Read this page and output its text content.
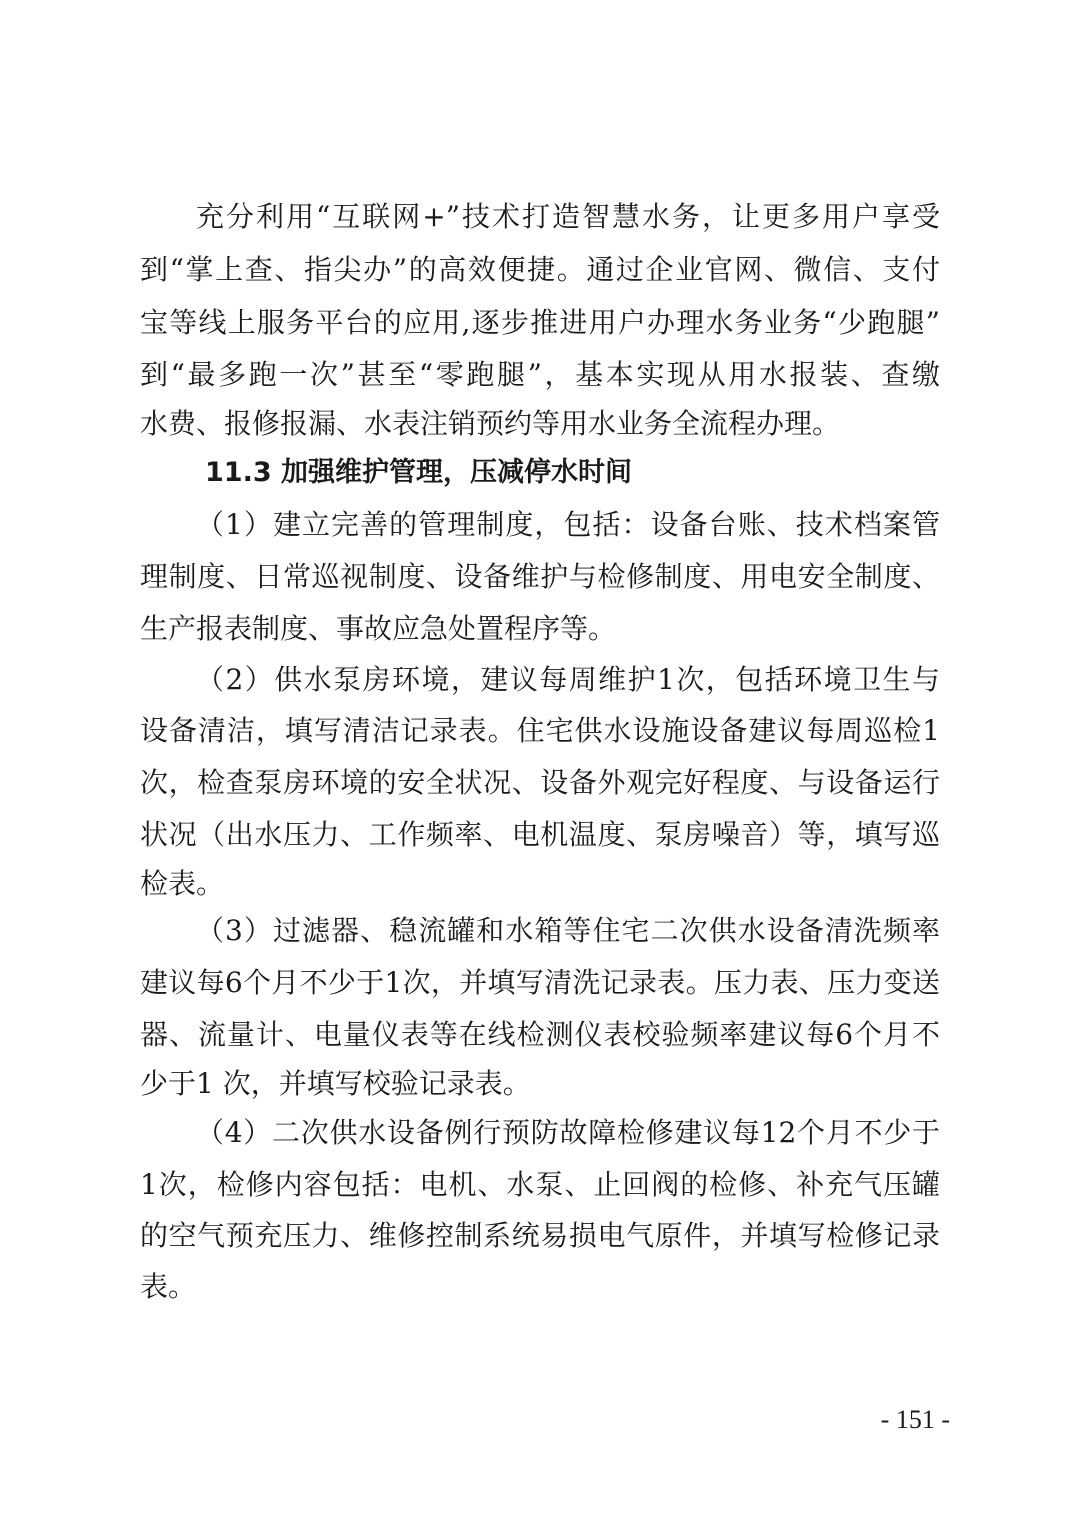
充分利用“互联网+”技术打造智慧水务，让更多用户享受
到“掌上查、指尖办”的高效便捷。通过企业官网、微信、支付
宝等线上服务平台的应用,逐步推进用户办理水务业务“少跑腿”
到“最多跑一次”甚至“零跑腿”，基本实现从用水报装、查缴
水费、报修报漏、水表注销预约等用水业务全流程办理。
11.3 加强维护管理，压减停水时间
（1）建立完善的管理制度，包括：设备台账、技术档案管
理制度、日常巡视制度、设备维护与检修制度、用电安全制度、
生产报表制度、事故应急处置程序等。
（2）供水泵房环境，建议每周维护1次，包括环境卫生与
设备清洁，填写清洁记录表。住宅供水设施设备建议每周巡检1
次，检查泵房环境的安全状况、设备外观完好程度、与设备运行
状况（出水压力、工作频率、电机温度、泵房噪音）等，填写巡
检表。
（3）过滤器、稳流罐和水箱等住宅二次供水设备清洗频率
建议每6个月不少于1次，并填写清洗记录表。压力表、压力变送
器、流量计、电量仪表等在线检测仪表校验频率建议每6个月不
少于1 次，并填写校验记录表。
（4）二次供水设备例行预防故障检修建议每12个月不少于
1次，检修内容包括：电机、水泵、止回阀的检修、补充气压罐
的空气预充压力、维修控制系统易损电气原件，并填写检修记录
表。
- 151 -
